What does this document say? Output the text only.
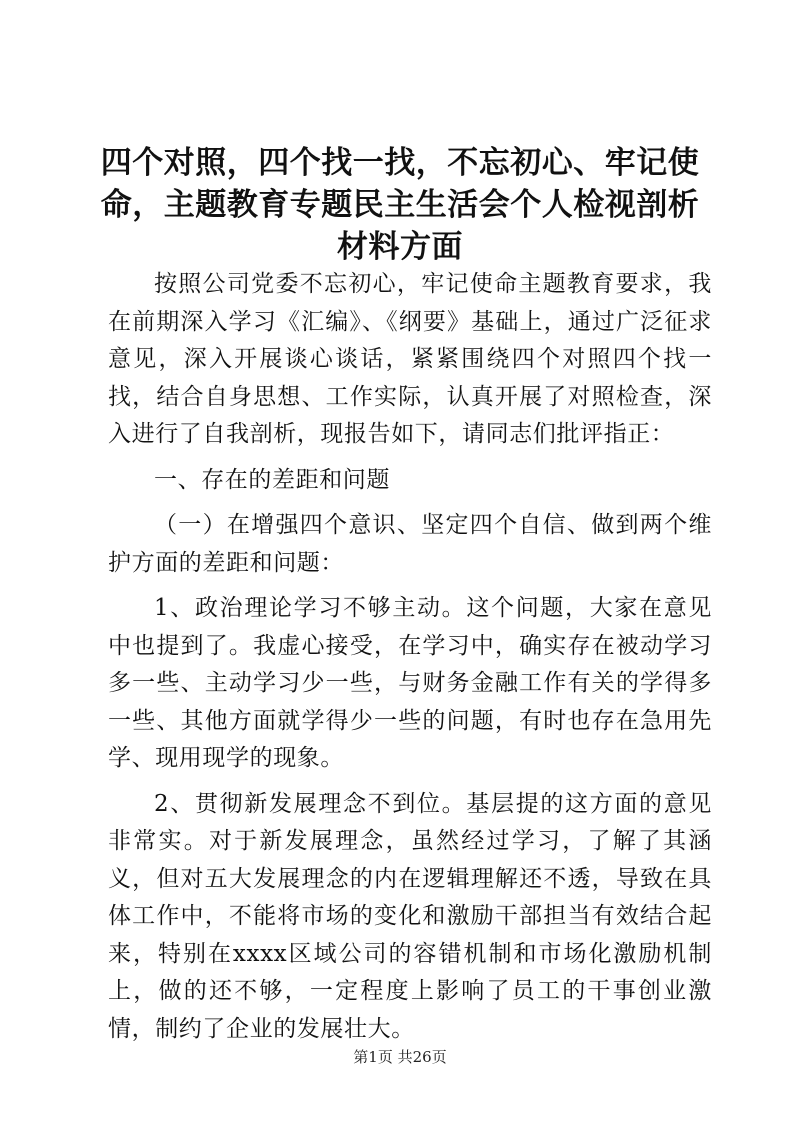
四个对照，四个找一找，不忘初心、牢记使命，主题教育专题民主生活会个人检视剖析材料方面

按照公司党委不忘初心，牢记使命主题教育要求，我在前期深入学习《汇编》、《纲要》基础上，通过广泛征求意见，深入开展谈心谈话，紧紧围绕四个对照四个找一找，结合自身思想、工作实际，认真开展了对照检查，深入进行了自我剖析，现报告如下，请同志们批评指正：

一、存在的差距和问题

（一）在增强四个意识、坚定四个自信、做到两个维护方面的差距和问题：

1、政治理论学习不够主动。这个问题，大家在意见中也提到了。我虚心接受，在学习中，确实存在被动学习多一些、主动学习少一些，与财务金融工作有关的学得多一些、其他方面就学得少一些的问题，有时也存在急用先学、现用现学的现象。

2、贯彻新发展理念不到位。基层提的这方面的意见非常实。对于新发展理念，虽然经过学习，了解了其涵义，但对五大发展理念的内在逻辑理解还不透，导致在具体工作中，不能将市场的变化和激励干部担当有效结合起来，特别在xxxx区域公司的容错机制和市场化激励机制上，做的还不够，一定程度上影响了员工的干事创业激情，制约了企业的发展壮大。

第1页 共26页
